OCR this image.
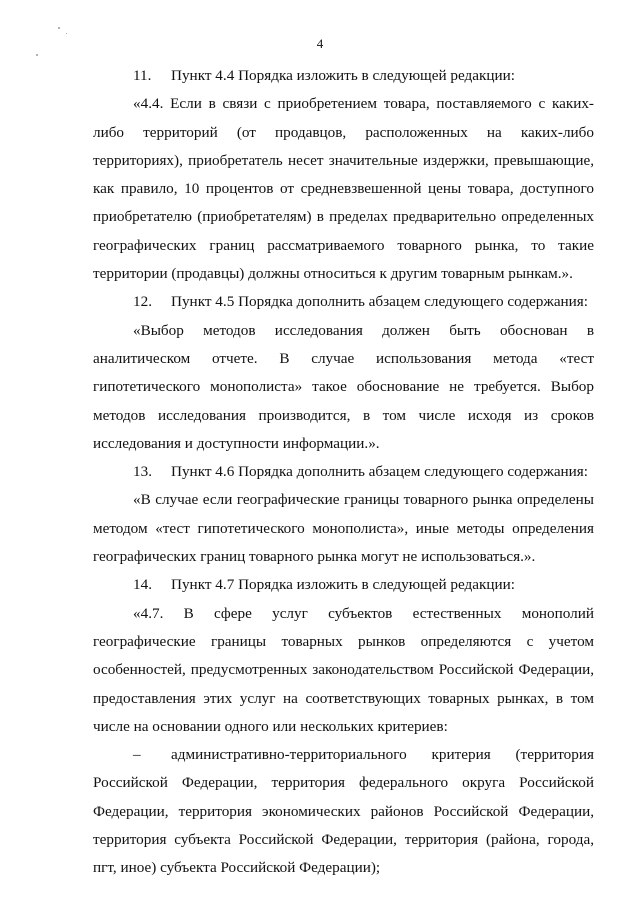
4

11. Пункт 4.4 Порядка изложить в следующей редакции:

«4.4. Если в связи с приобретением товара, поставляемого с каких-либо территорий (от продавцов, расположенных на каких-либо территориях), приобретатель несет значительные издержки, превышающие, как правило, 10 процентов от средневзвешенной цены товара, доступного приобретателю (приобретателям) в пределах предварительно определенных географических границ рассматриваемого товарного рынка, то такие территории (продавцы) должны относиться к другим товарным рынкам.».

12. Пункт 4.5 Порядка дополнить абзацем следующего содержания:

«Выбор методов исследования должен быть обоснован в аналитическом отчете. В случае использования метода «тест гипотетического монополиста» такое обоснование не требуется. Выбор методов исследования производится, в том числе исходя из сроков исследования и доступности информации.».

13. Пункт 4.6 Порядка дополнить абзацем следующего содержания:

«В случае если географические границы товарного рынка определены методом «тест гипотетического монополиста», иные методы определения географических границ товарного рынка могут не использоваться.».

14. Пункт 4.7 Порядка изложить в следующей редакции:

«4.7. В сфере услуг субъектов естественных монополий географические границы товарных рынков определяются с учетом особенностей, предусмотренных законодательством Российской Федерации, предоставления этих услуг на соответствующих товарных рынках, в том числе на основании одного или нескольких критериев:

– административно-территориального критерия (территория Российской Федерации, территория федерального округа Российской Федерации, территория экономических районов Российской Федерации, территория субъекта Российской Федерации, территория (района, города, пгт, иное) субъекта Российской Федерации);
